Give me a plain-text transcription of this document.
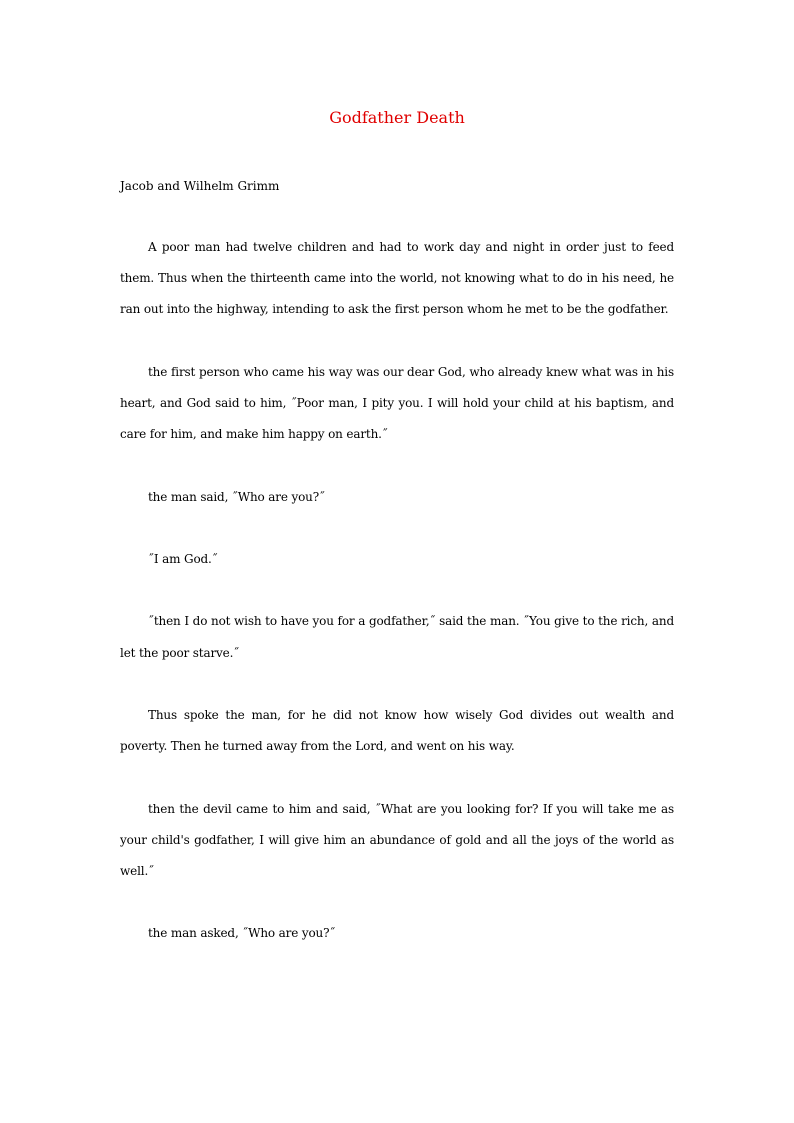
Godfather Death
Jacob and Wilhelm Grimm

A poor man had twelve children and had to work day and night in order just to feed them. Thus when the thirteenth came into the world, not knowing what to do in his need, he ran out into the highway, intending to ask the first person whom he met to be the godfather.

the first person who came his way was our dear God, who already knew what was in his heart, and God said to him, ˝Poor man, I pity you. I will hold your child at his baptism, and care for him, and make him happy on earth.˝

the man said, ˝Who are you?˝

˝I am God.˝

˝then I do not wish to have you for a godfather,˝ said the man. ˝You give to the rich, and let the poor starve.˝

Thus spoke the man, for he did not know how wisely God divides out wealth and poverty. Then he turned away from the Lord, and went on his way.

then the devil came to him and said, ˝What are you looking for? If you will take me as your child's godfather, I will give him an abundance of gold and all the joys of the world as well.˝

the man asked, ˝Who are you?˝
